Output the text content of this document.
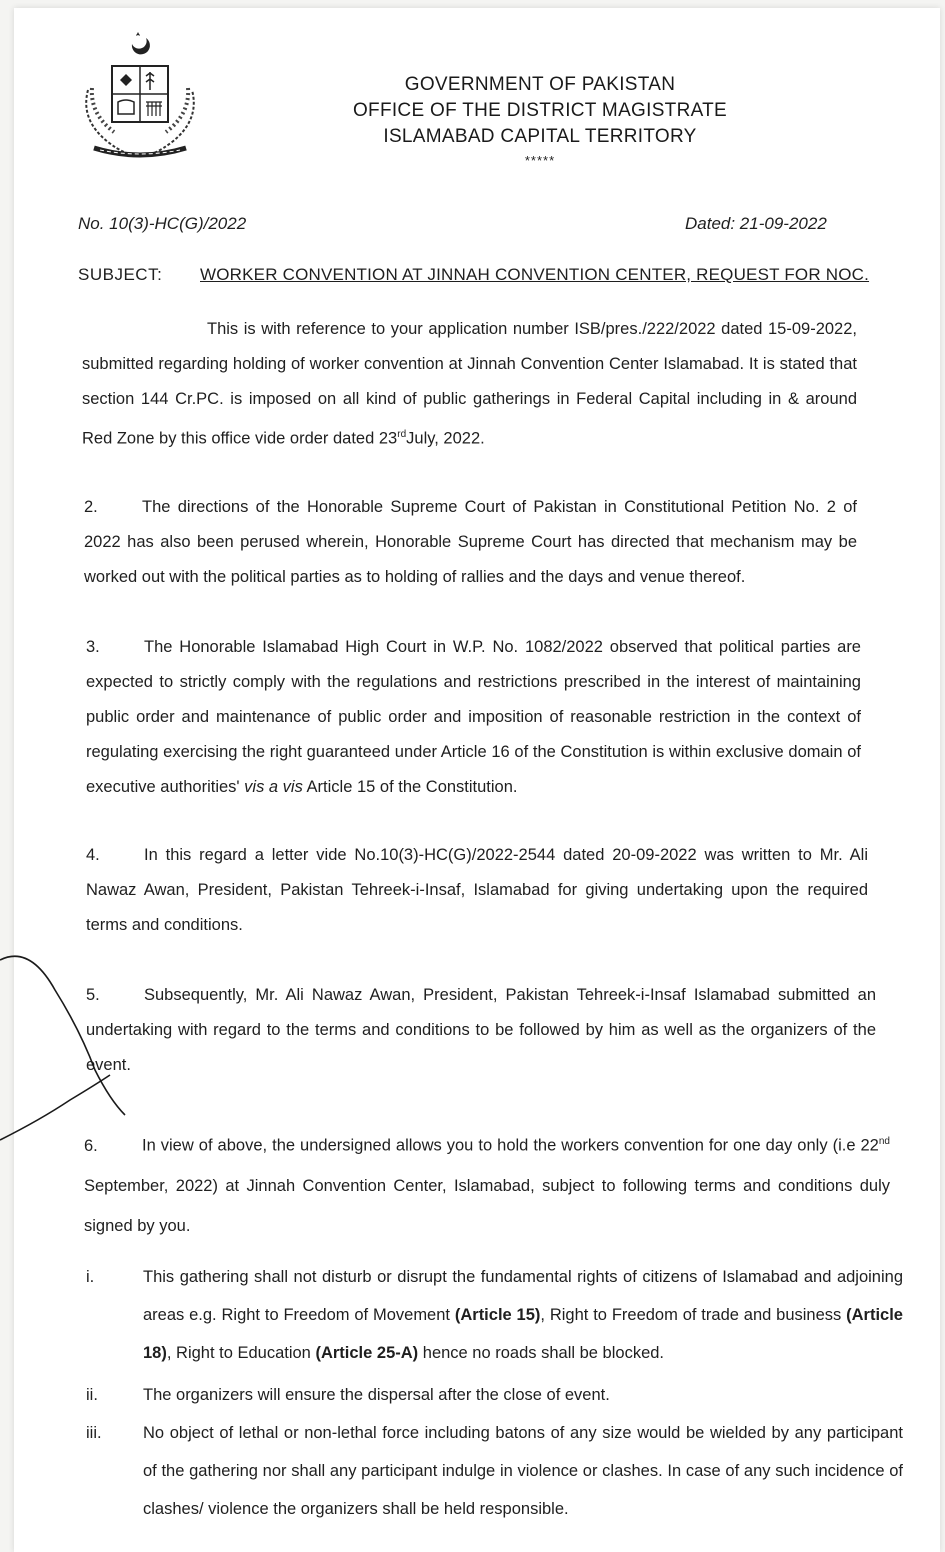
GOVERNMENT OF PAKISTAN
OFFICE OF THE DISTRICT MAGISTRATE
ISLAMABAD CAPITAL TERRITORY
*****
No. 10(3)-HC(G)/2022	Dated: 21-09-2022
SUBJECT: WORKER CONVENTION AT JINNAH CONVENTION CENTER, REQUEST FOR NOC.
This is with reference to your application number ISB/pres./222/2022 dated 15-09-2022, submitted regarding holding of worker convention at Jinnah Convention Center Islamabad. It is stated that section 144 Cr.PC. is imposed on all kind of public gatherings in Federal Capital including in & around Red Zone by this office vide order dated 23rdJuly, 2022.
2.	The directions of the Honorable Supreme Court of Pakistan in Constitutional Petition No. 2 of 2022 has also been perused wherein, Honorable Supreme Court has directed that mechanism may be worked out with the political parties as to holding of rallies and the days and venue thereof.
3.	The Honorable Islamabad High Court in W.P. No. 1082/2022 observed that political parties are expected to strictly comply with the regulations and restrictions prescribed in the interest of maintaining public order and maintenance of public order and imposition of reasonable restriction in the context of regulating exercising the right guaranteed under Article 16 of the Constitution is within exclusive domain of executive authorities' vis a vis Article 15 of the Constitution.
4.	In this regard a letter vide No.10(3)-HC(G)/2022-2544 dated 20-09-2022 was written to Mr. Ali Nawaz Awan, President, Pakistan Tehreek-i-Insaf, Islamabad for giving undertaking upon the required terms and conditions.
5.	Subsequently, Mr. Ali Nawaz Awan, President, Pakistan Tehreek-i-Insaf Islamabad submitted an undertaking with regard to the terms and conditions to be followed by him as well as the organizers of the event.
6.	In view of above, the undersigned allows you to hold the workers convention for one day only (i.e 22nd September, 2022) at Jinnah Convention Center, Islamabad, subject to following terms and conditions duly signed by you.
i.	This gathering shall not disturb or disrupt the fundamental rights of citizens of Islamabad and adjoining areas e.g. Right to Freedom of Movement (Article 15), Right to Freedom of trade and business (Article 18), Right to Education (Article 25-A) hence no roads shall be blocked.
ii.	The organizers will ensure the dispersal after the close of event.
iii.	No object of lethal or non-lethal force including batons of any size would be wielded by any participant of the gathering nor shall any participant indulge in violence or clashes. In case of any such incidence of clashes/ violence the organizers shall be held responsible.
